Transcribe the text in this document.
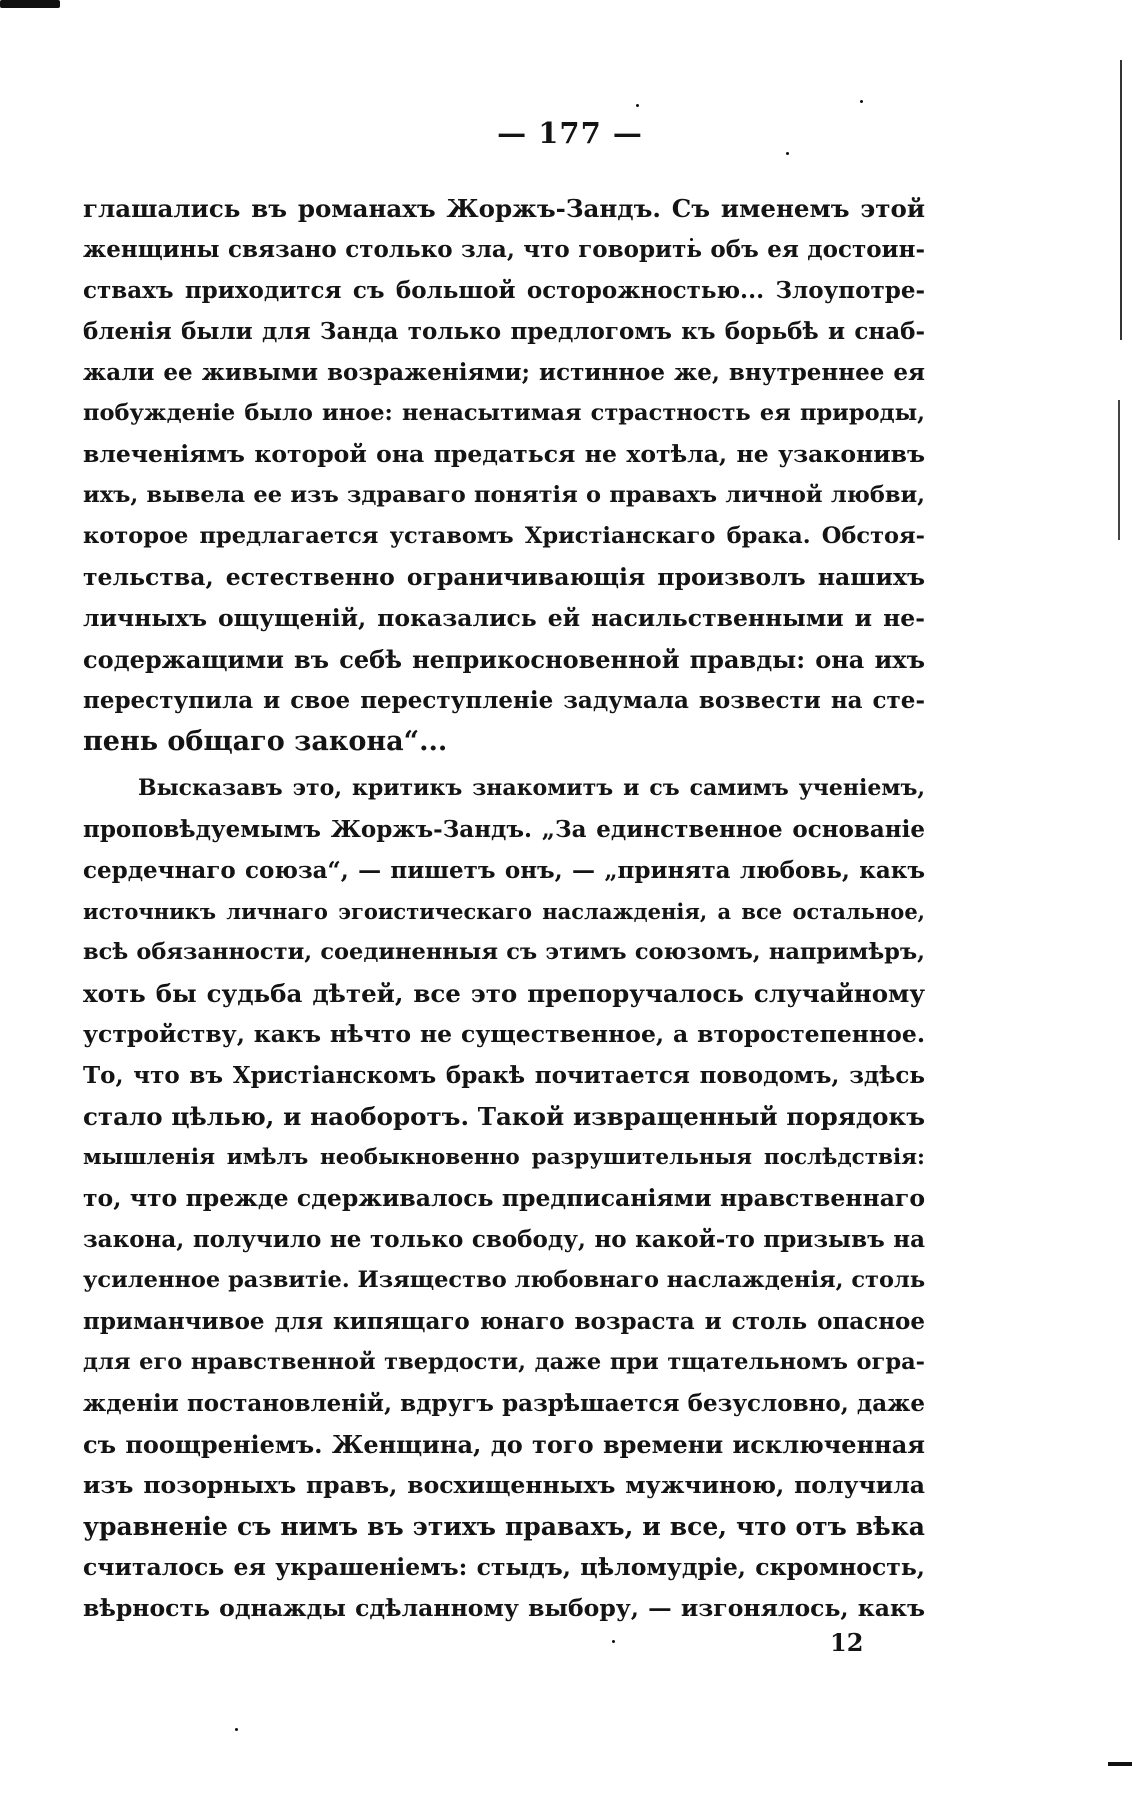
— 177 —
глашались въ романахъ Жоржъ-Зандъ. Съ именемъ этой
женщины связано столько зла, что говорить объ ея достоин-
ствахъ приходится съ большой осторожностью... Злоупотре-
бленія были для Занда только предлогомъ къ борьбѣ и снаб-
жали ее живыми возраженіями; истинное же, внутреннее ея
побужденіе было иное: ненасытимая страстность ея природы,
влеченіямъ которой она предаться не хотѣла, не узаконивъ
ихъ, вывела ее изъ здраваго понятія о правахъ личной любви,
которое предлагается уставомъ Христіанскаго брака. Обстоя-
тельства, естественно ограничивающія произволъ нашихъ
личныхъ ощущеній, показались ей насильственными и не-
содержащими въ себѣ неприкосновенной правды: она ихъ
переступила и свое переступленіе задумала возвести на сте-
пень общаго закона“...
Высказавъ это, критикъ знакомитъ и съ самимъ ученіемъ,
проповѣдуемымъ Жоржъ-Зандъ. „За единственное основаніе
сердечнаго союза“, — пишетъ онъ, — „принята любовь, какъ
источникъ личнаго эгоистическаго наслажденія, а все остальное,
всѣ обязанности, соединенныя съ этимъ союзомъ, напримѣръ,
хоть бы судьба дѣтей, все это препоручалось случайному
устройству, какъ нѣчто не существенное, а второстепенное.
То, что въ Христіанскомъ бракѣ почитается поводомъ, здѣсь
стало цѣлью, и наоборотъ. Такой извращенный порядокъ
мышленія имѣлъ необыкновенно разрушительныя послѣдствія:
то, что прежде сдерживалось предписаніями нравственнаго
закона, получило не только свободу, но какой-то призывъ на
усиленное развитіе. Изящество любовнаго наслажденія, столь
приманчивое для кипящаго юнаго возраста и столь опасное
для его нравственной твердости, даже при тщательномъ огра-
жденіи постановленій, вдругъ разрѣшается безусловно, даже
съ поощреніемъ. Женщина, до того времени исключенная
изъ позорныхъ правъ, восхищенныхъ мужчиною, получила
уравненіе съ нимъ въ этихъ правахъ, и все, что отъ вѣка
считалось ея украшеніемъ: стыдъ, цѣломудріе, скромность,
вѣрность однажды сдѣланному выбору, — изгонялось, какъ
12
